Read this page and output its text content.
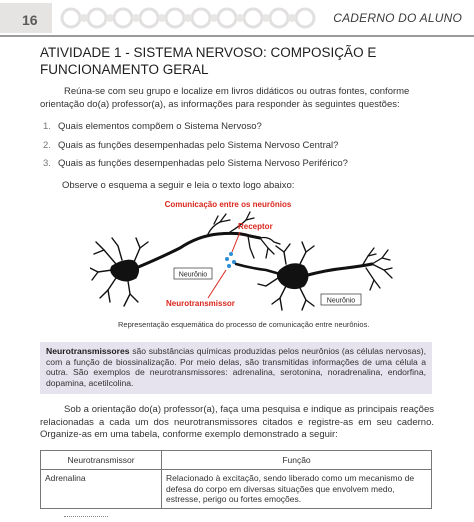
16	CADERNO DO ALUNO
ATIVIDADE 1 - SISTEMA NERVOSO: COMPOSIÇÃO E FUNCIONAMENTO GERAL

Reúna-se com seu grupo e localize em livros didáticos ou outras fontes, conforme orientação do(a) professor(a), as informações para responder às seguintes questões:

1. Quais elementos compõem o Sistema Nervoso?
2. Quais as funções desempenhadas pelo Sistema Nervoso Central?
3. Quais as funções desempenhadas pelo Sistema Nervoso Periférico?

Observe o esquema a seguir e leia o texto logo abaixo:

Comunicação entre os neurônios
Receptor
Neurônio
Neurônio
Neurotransmissor

Representação esquemática do processo de comunicação entre neurônios.

Neurotransmissores são substâncias químicas produzidas pelos neurônios (as células nervosas), com a função de biossinalização. Por meio delas, são transmitidas informações de uma célula a outra. São exemplos de neurotransmissores: adrenalina, serotonina, noradrenalina, endorfina, dopamina, acetilcolina.

Sob a orientação do(a) professor(a), faça uma pesquisa e indique as principais reações relacionadas a cada um dos neurotransmissores citados e registre-as em seu caderno. Organize-as em uma tabela, conforme exemplo demonstrado a seguir:

Neurotransmissor	Função
Adrenalina	Relacionado à excitação, sendo liberado como um mecanismo de defesa do corpo em diversas situações que envolvem medo, estresse, perigo ou fortes emoções.
